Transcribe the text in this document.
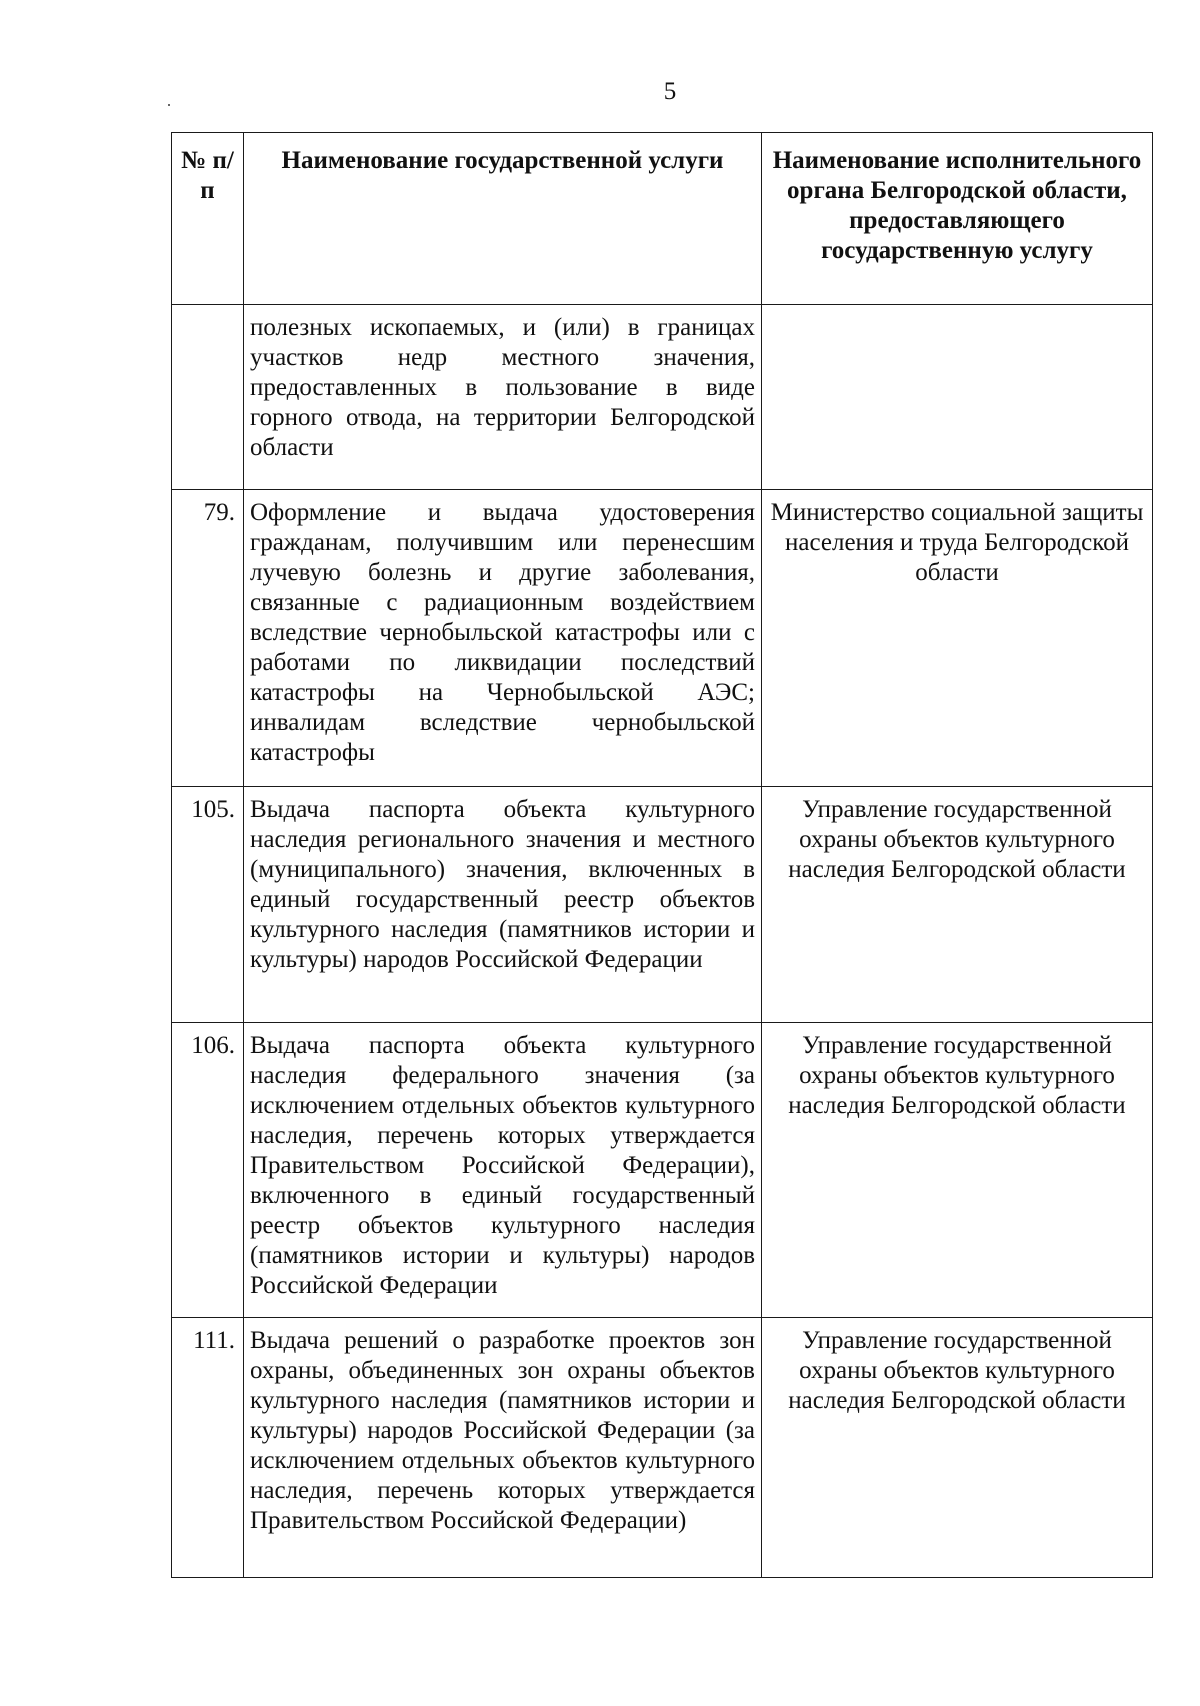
5
№ п/п	Наименование государственной услуги	Наименование исполнительного органа Белгородской области, предоставляющего государственную услугу
	полезных ископаемых, и (или) в границах участков недр местного значения, предоставленных в пользование в виде горного отвода, на территории Белгородской области	
79.	Оформление и выдача удостоверения гражданам, получившим или перенесшим лучевую болезнь и другие заболевания, связанные с радиационным воздействием вследствие чернобыльской катастрофы или с работами по ликвидации последствий катастрофы на Чернобыльской АЭС; инвалидам вследствие чернобыльской катастрофы	Министерство социальной защиты населения и труда Белгородской области
105.	Выдача паспорта объекта культурного наследия регионального значения и местного (муниципального) значения, включенных в единый государственный реестр объектов культурного наследия (памятников истории и культуры) народов Российской Федерации	Управление государственной охраны объектов культурного наследия Белгородской области
106.	Выдача паспорта объекта культурного наследия федерального значения (за исключением отдельных объектов культурного наследия, перечень которых утверждается Правительством Российской Федерации), включенного в единый государственный реестр объектов культурного наследия (памятников истории и культуры) народов Российской Федерации	Управление государственной охраны объектов культурного наследия Белгородской области
111.	Выдача решений о разработке проектов зон охраны, объединенных зон охраны объектов культурного наследия (памятников истории и культуры) народов Российской Федерации (за исключением отдельных объектов культурного наследия, перечень которых утверждается Правительством Российской Федерации)	Управление государственной охраны объектов культурного наследия Белгородской области
